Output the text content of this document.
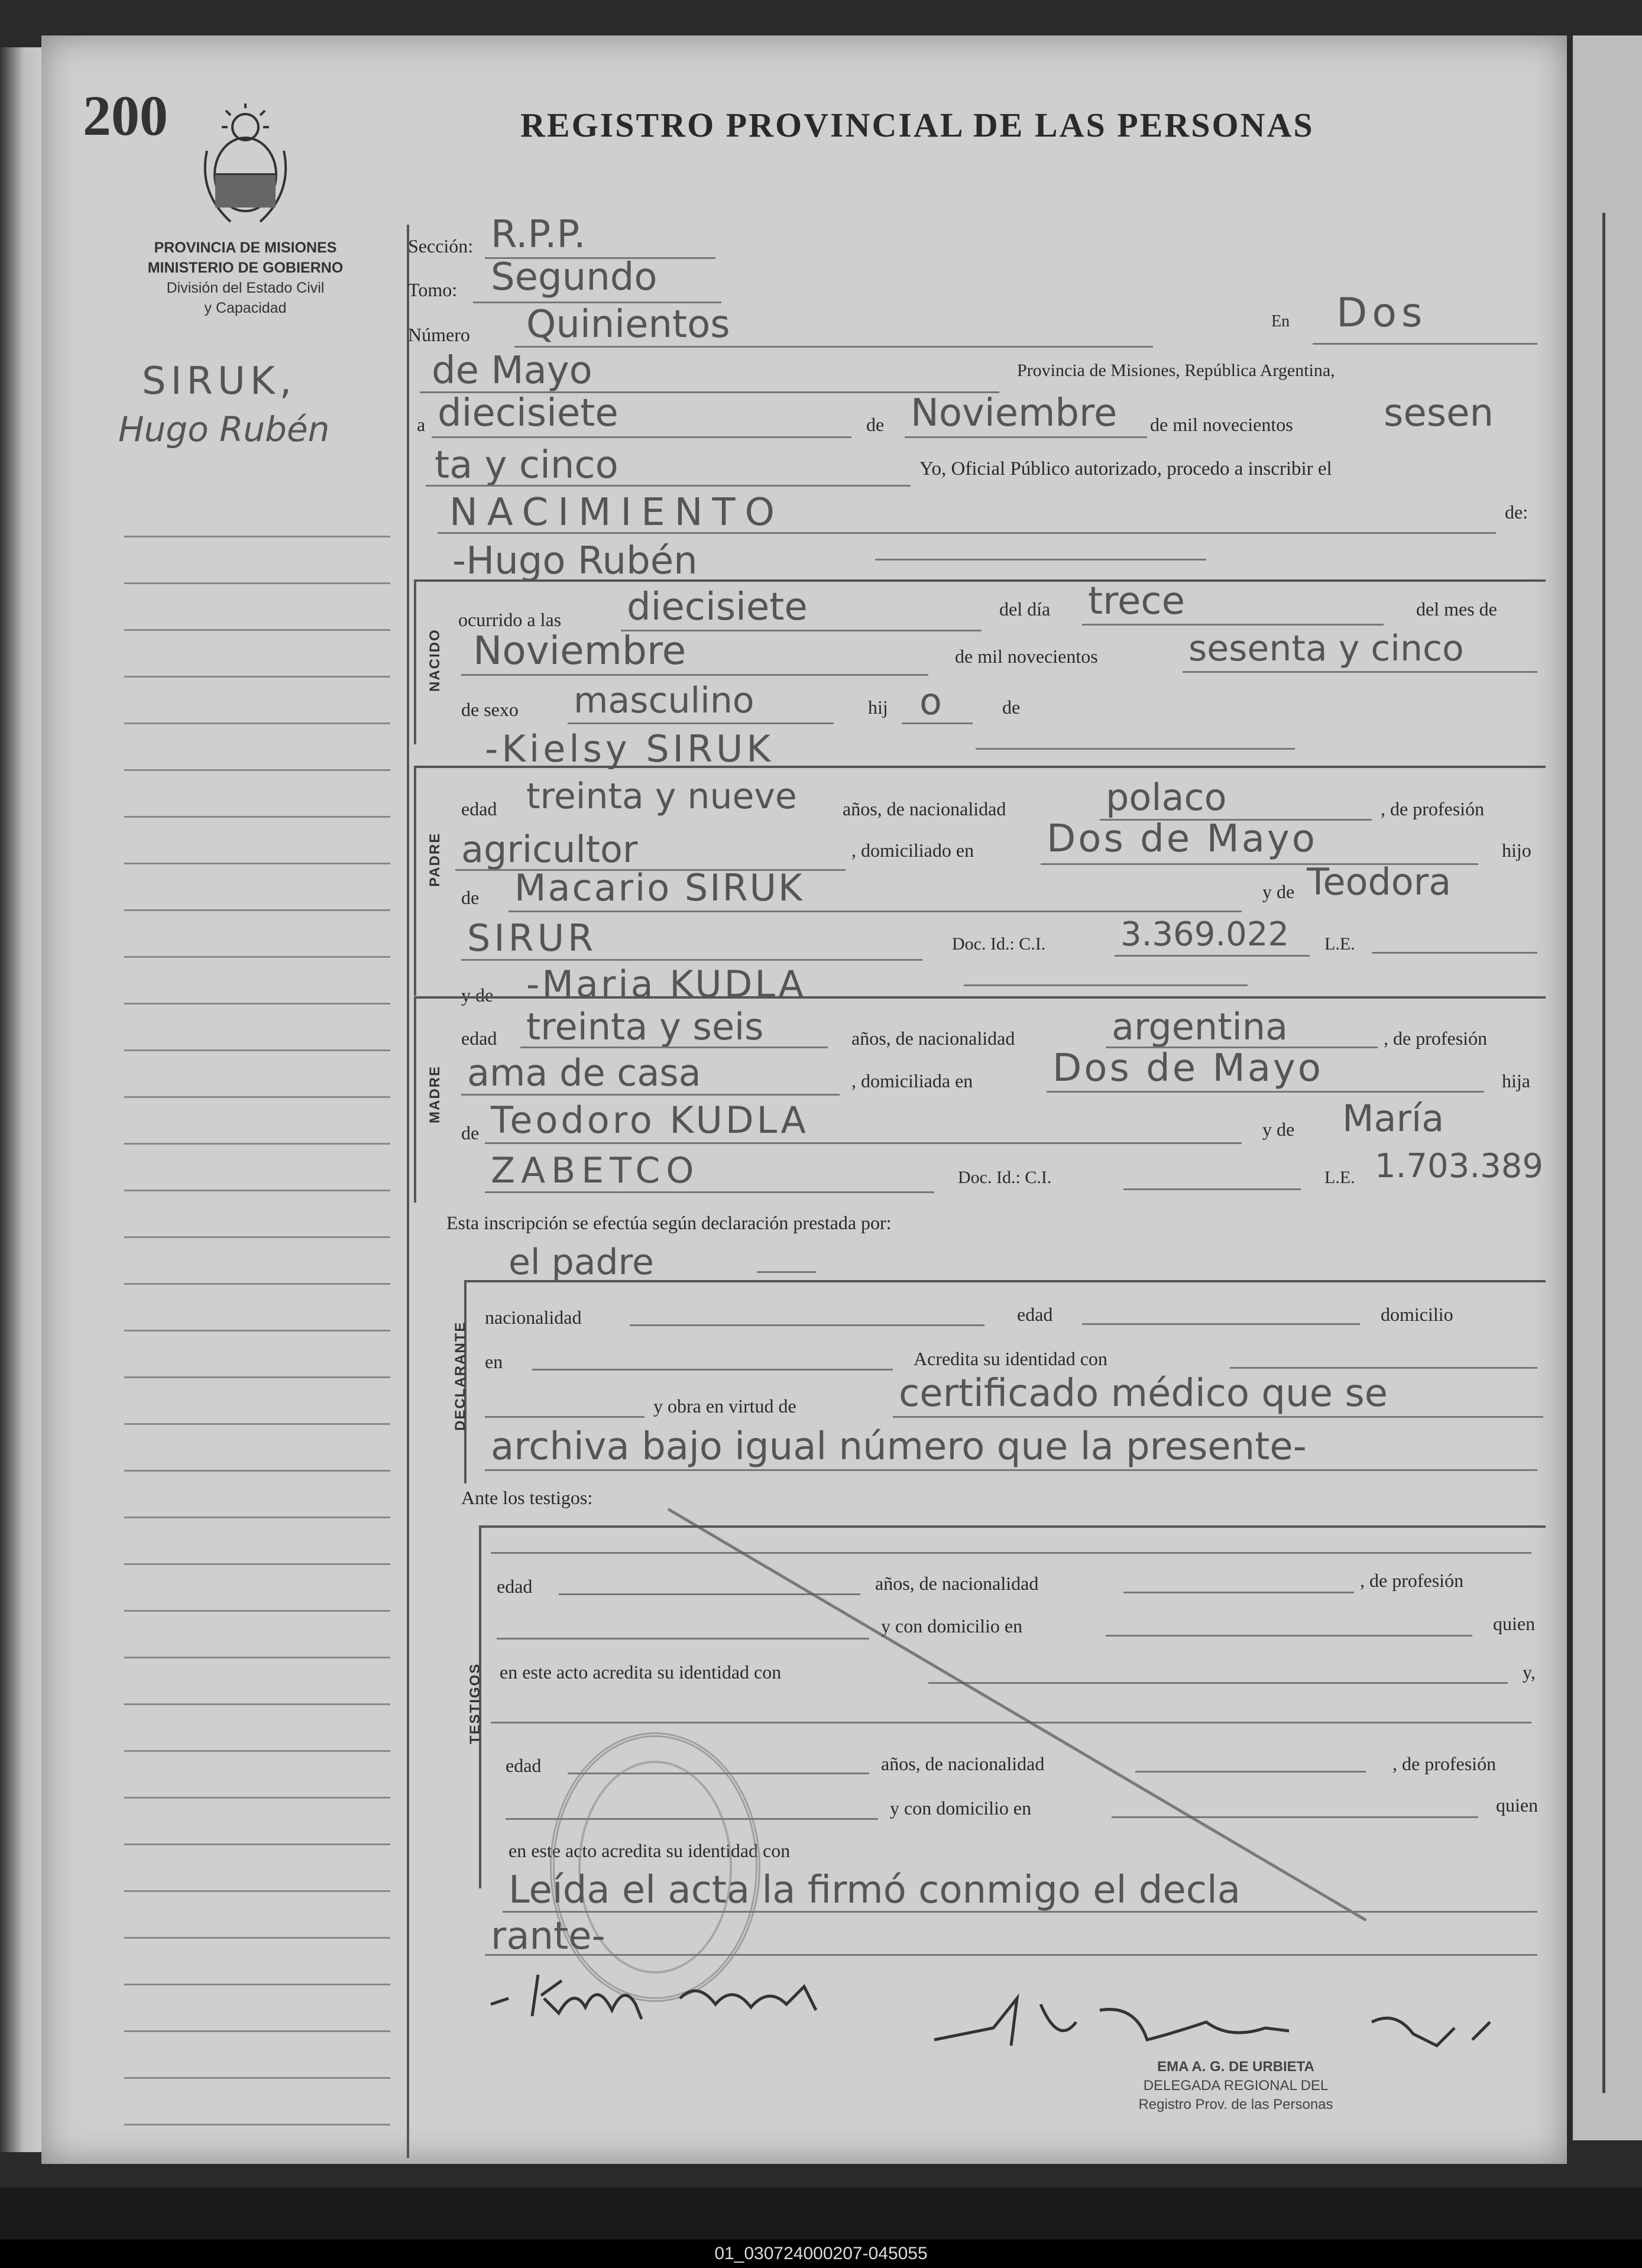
200	REGISTRO PROVINCIAL DE LAS PERSONAS
PROVINCIA DE MISIONES
MINISTERIO DE GOBIERNO
División del Estado Civil
y Capacidad
SIRUK,
Hugo Rubén
Sección: R.P.P.
Tomo: Segundo
Número Quinientos	En Dos
de Mayo	Provincia de Misiones, República Argentina,
a diecisiete	de Noviembre de mil novecientos sesen
ta y cinco	Yo, Oficial Público autorizado, procedo a inscribir el
NACIMIENTO	de:
-Hugo Rubén
NACIDO
ocurrido a las diecisiete	del día trece	del mes de
Noviembre	de mil novecientos	sesenta y cinco
de sexo masculino	hij o	de
-Kielsy SIRUK
PADRE
edad treinta y nueve años, de nacionalidad	polaco	, de profesión
agricultor	, domiciliado en Dos de Mayo	hijo
de Macario SIRUK	y de Teodora
SIRUR	Doc. Id.: C.I. 3.369.022 L.E.
y de -Maria KUDLA
MADRE
edad treinta y seis	años, de nacionalidad	argentina	, de profesión
ama de casa	, domiciliada en Dos de Mayo	hija
de Teodoro KUDLA	y de María
ZABETCO	Doc. Id.: C.I.	L.E. 1.703.389
Esta inscripción se efectúa según declaración prestada por:
el padre
DECLARANTE
nacionalidad	edad	domicilio
en	Acredita su identidad con
y obra en virtud de	certificado médico que se
archiva bajo igual número que la presente-
Ante los testigos:
TESTIGOS
edad	años, de nacionalidad	, de profesión
y con domicilio en	quien
en este acto acredita su identidad con	y,
edad	años, de nacionalidad	, de profesión
y con domicilio en	quien
en este acto acredita su identidad con
Leída el acta la firmó conmigo el decla
rante-
EMA A. G. DE URBIETA
DELEGADA REGIONAL DEL
Registro Prov. de las Personas
01_030724000207-045055
